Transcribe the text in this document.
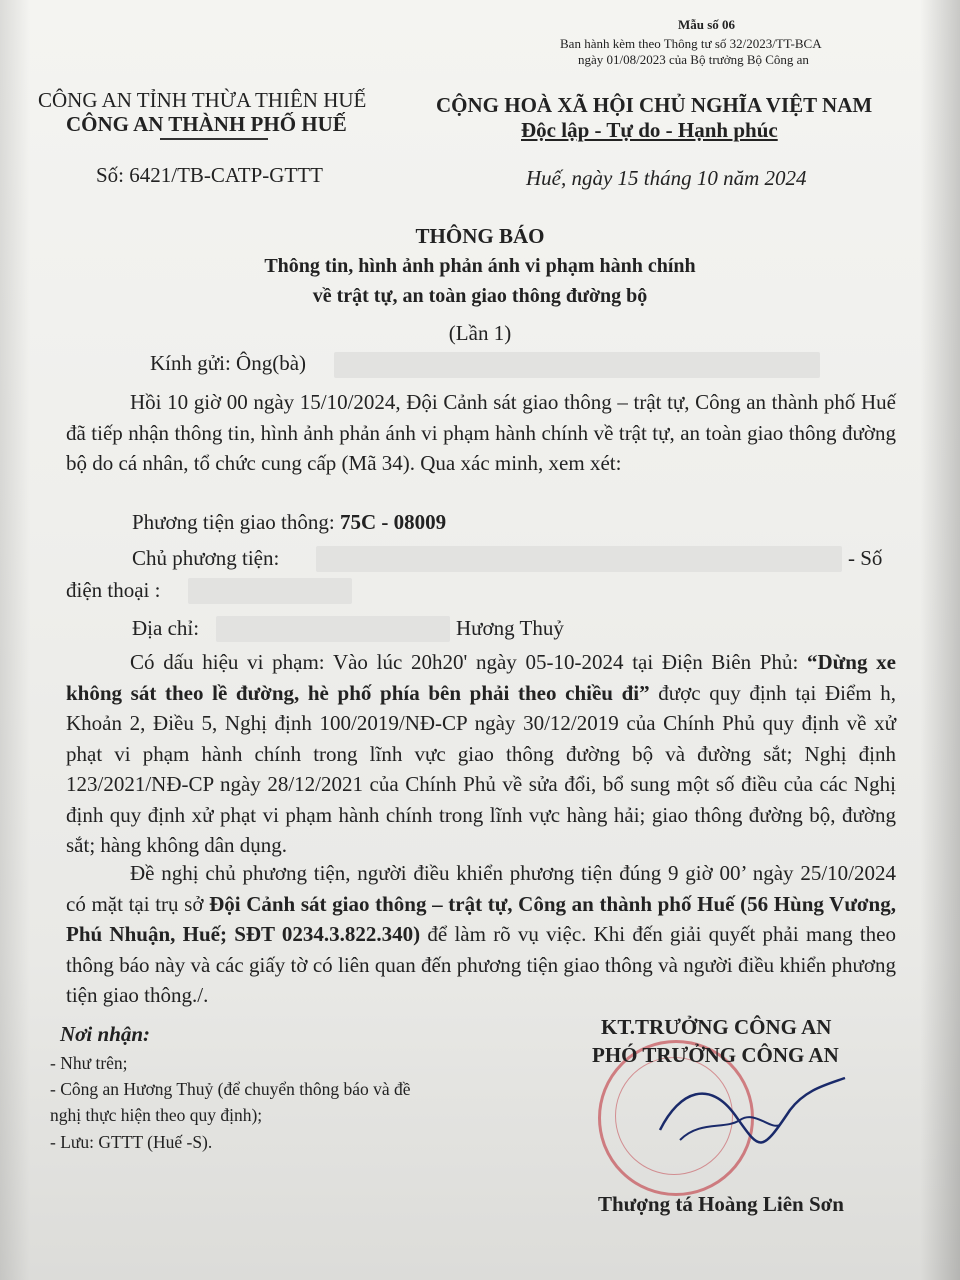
Mẫu số 06
Ban hành kèm theo Thông tư số 32/2023/TT-BCA
ngày 01/08/2023 của Bộ trưởng Bộ Công an
CÔNG AN TỈNH THỪA THIÊN HUẾ
CÔNG AN THÀNH PHỐ HUẾ
Số: 6421/TB-CATP-GTTT
CỘNG HOÀ XÃ HỘI CHỦ NGHĨA VIỆT NAM
Độc lập - Tự do - Hạnh phúc
Huế, ngày 15 tháng 10 năm 2024
THÔNG BÁO
Thông tin, hình ảnh phản ánh vi phạm hành chính
về trật tự, an toàn giao thông đường bộ
(Lần 1)
Kính gửi: Ông(bà)
Hồi 10 giờ 00 ngày 15/10/2024, Đội Cảnh sát giao thông – trật tự, Công an thành phố Huế đã tiếp nhận thông tin, hình ảnh phản ánh vi phạm hành chính về trật tự, an toàn giao thông đường bộ do cá nhân, tổ chức cung cấp (Mã 34). Qua xác minh, xem xét:
Phương tiện giao thông: 75C - 08009
Chủ phương tiện:	- Số
điện thoại :
Địa chỉ:	Hương Thuỷ
Có dấu hiệu vi phạm: Vào lúc 20h20' ngày 05-10-2024 tại Điện Biên Phủ: “Dừng xe không sát theo lề đường, hè phố phía bên phải theo chiều đi” được quy định tại Điểm h, Khoản 2, Điều 5, Nghị định 100/2019/NĐ-CP ngày 30/12/2019 của Chính Phủ quy định về xử phạt vi phạm hành chính trong lĩnh vực giao thông đường bộ và đường sắt; Nghị định 123/2021/NĐ-CP ngày 28/12/2021 của Chính Phủ về sửa đổi, bổ sung một số điều của các Nghị định quy định xử phạt vi phạm hành chính trong lĩnh vực hàng hải; giao thông đường bộ, đường sắt; hàng không dân dụng.
Đề nghị chủ phương tiện, người điều khiển phương tiện đúng 9 giờ 00’ ngày 25/10/2024 có mặt tại trụ sở Đội Cảnh sát giao thông – trật tự, Công an thành phố Huế (56 Hùng Vương, Phú Nhuận, Huế; SĐT 0234.3.822.340) để làm rõ vụ việc. Khi đến giải quyết phải mang theo thông báo này và các giấy tờ có liên quan đến phương tiện giao thông và người điều khiển phương tiện giao thông./.
Nơi nhận:
- Như trên;
- Công an Hương Thuỷ (để chuyển thông báo và đề
nghị thực hiện theo quy định);
- Lưu: GTTT (Huế -S).
KT.TRƯỞNG CÔNG AN
PHÓ TRƯỞNG CÔNG AN
Thượng tá Hoàng Liên Sơn
